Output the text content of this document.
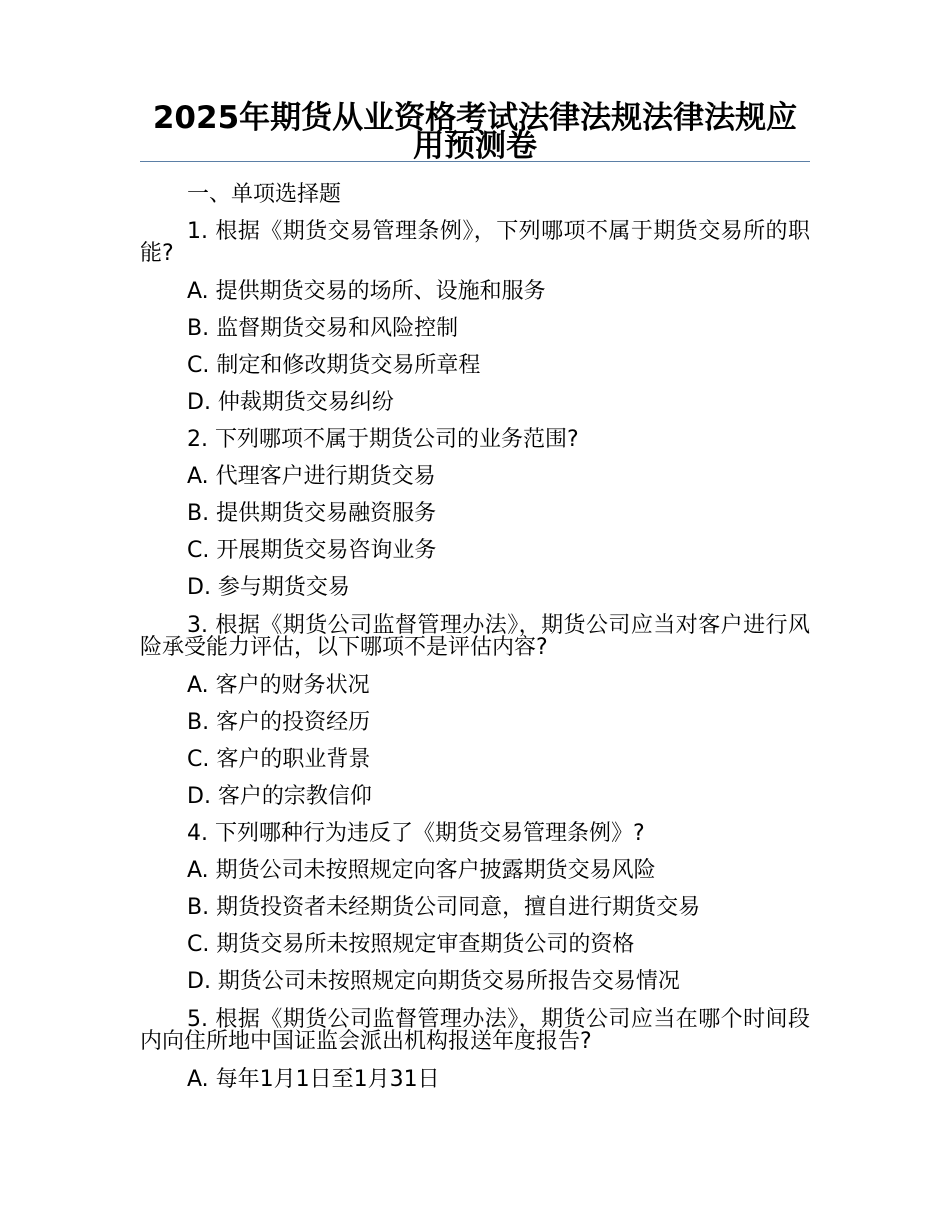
2025年期货从业资格考试法律法规法律法规应用预测卷
一、单项选择题
1. 根据《期货交易管理条例》，下列哪项不属于期货交易所的职能?
A. 提供期货交易的场所、设施和服务
B. 监督期货交易和风险控制
C. 制定和修改期货交易所章程
D. 仲裁期货交易纠纷
2. 下列哪项不属于期货公司的业务范围?
A. 代理客户进行期货交易
B. 提供期货交易融资服务
C. 开展期货交易咨询业务
D. 参与期货交易
3. 根据《期货公司监督管理办法》，期货公司应当对客户进行风险承受能力评估，以下哪项不是评估内容?
A. 客户的财务状况
B. 客户的投资经历
C. 客户的职业背景
D. 客户的宗教信仰
4. 下列哪种行为违反了《期货交易管理条例》?
A. 期货公司未按照规定向客户披露期货交易风险
B. 期货投资者未经期货公司同意，擅自进行期货交易
C. 期货交易所未按照规定审查期货公司的资格
D. 期货公司未按照规定向期货交易所报告交易情况
5. 根据《期货公司监督管理办法》，期货公司应当在哪个时间段内向住所地中国证监会派出机构报送年度报告?
A. 每年1月1日至1月31日
